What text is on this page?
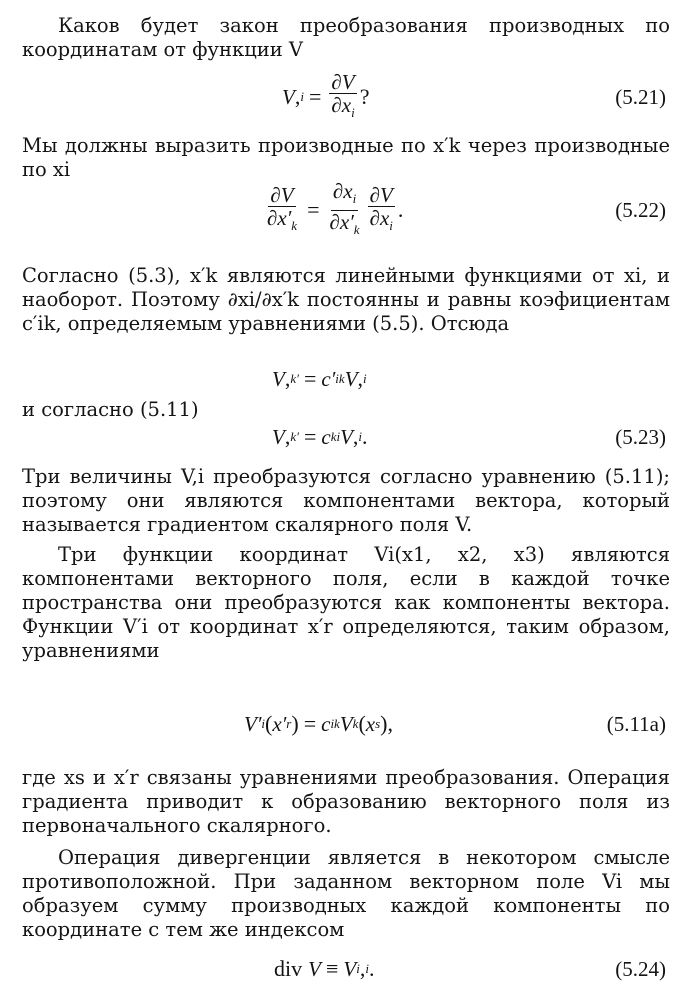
Каков будет закон преобразования производных по координатам от функции V
V , $i = \frac{\partial V}{\partial x_i}$ ?	(5.21)
Мы должны выразить производные по x′k через производные по xi
$\frac{\partial V}{\partial x'_k} = \frac{\partial x_i}{\partial x'_k} \frac{\partial V}{\partial x_i}$ .	(5.22)
Согласно (5.3), x′k являются линейными функциями от xi, и наоборот. Поэтому ∂xi/∂x′k постоянны и равны коэфициентам c′ik, определяемым уравнениями (5.5). Отсюда
V , k′ = c′ ik V , i
и согласно (5.11)
V , k′ = c ki V , i .	(5.23)
Три величины V,i преобразуются согласно уравнению (5.11); поэтому они являются компонентами вектора, который называется градиентом скалярного поля V.
Три функции координат Vi(x1, x2, x3) являются компонентами векторного поля, если в каждой точке пространства они преобразуются как компоненты вектора. Функции V′i от координат x′r определяются, таким образом, уравнениями
V′ i ( x′ r ) = c ik V k ( x s ),	(5.11a)
где xs и x′r связаны уравнениями преобразования. Операция градиента приводит к образованию векторного поля из первоначального скалярного.
Операция дивергенции является в некотором смысле противоположной. При заданном векторном поле Vi мы образуем сумму производных каждой компоненты по координате с тем же индексом
div V ≡ V i , i .	(5.24)
